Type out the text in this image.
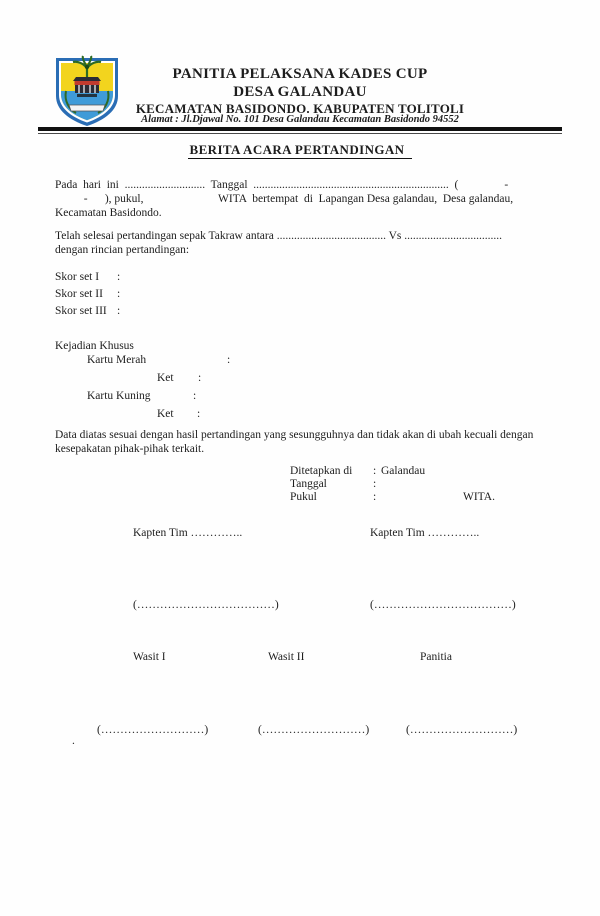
PANITIA PELAKSANA KADES CUP
DESA GALANDAU
KECAMATAN BASIDONDO. KABUPATEN TOLITOLI
Alamat : Jl.Djawal No. 101 Desa Galandau Kecamatan Basidondo 94552
BERITA ACARA PERTANDINGAN
Pada  hari  ini  ............................  Tanggal  ....................................................................  (                -
-      ), pukul,                          WITA  bertempat  di  Lapangan Desa galandau,  Desa galandau,
Kecamatan Basidondo.
Telah selesai pertandingan sepak Takraw antara ...................................... Vs ..................................
dengan rincian pertandingan:
Skor set I :
Skor set II :
Skor set III :
Kejadian Khusus
Kartu Merah	:
Ket :
Kartu Kuning	:
Ket :
Data diatas sesuai dengan hasil pertandingan yang sesungguhnya dan tidak akan di ubah kecuali dengan
kesepakatan pihak-pihak terkait.
Ditetapkan di : Galandau
Tanggal	:
Pukul	:	WITA.
Kapten Tim …………..	Kapten Tim …………..
(………………………………)	(………………………………)
Wasit I	Wasit II	Panitia
(………………………)	(………………………)	(………………………)
.
